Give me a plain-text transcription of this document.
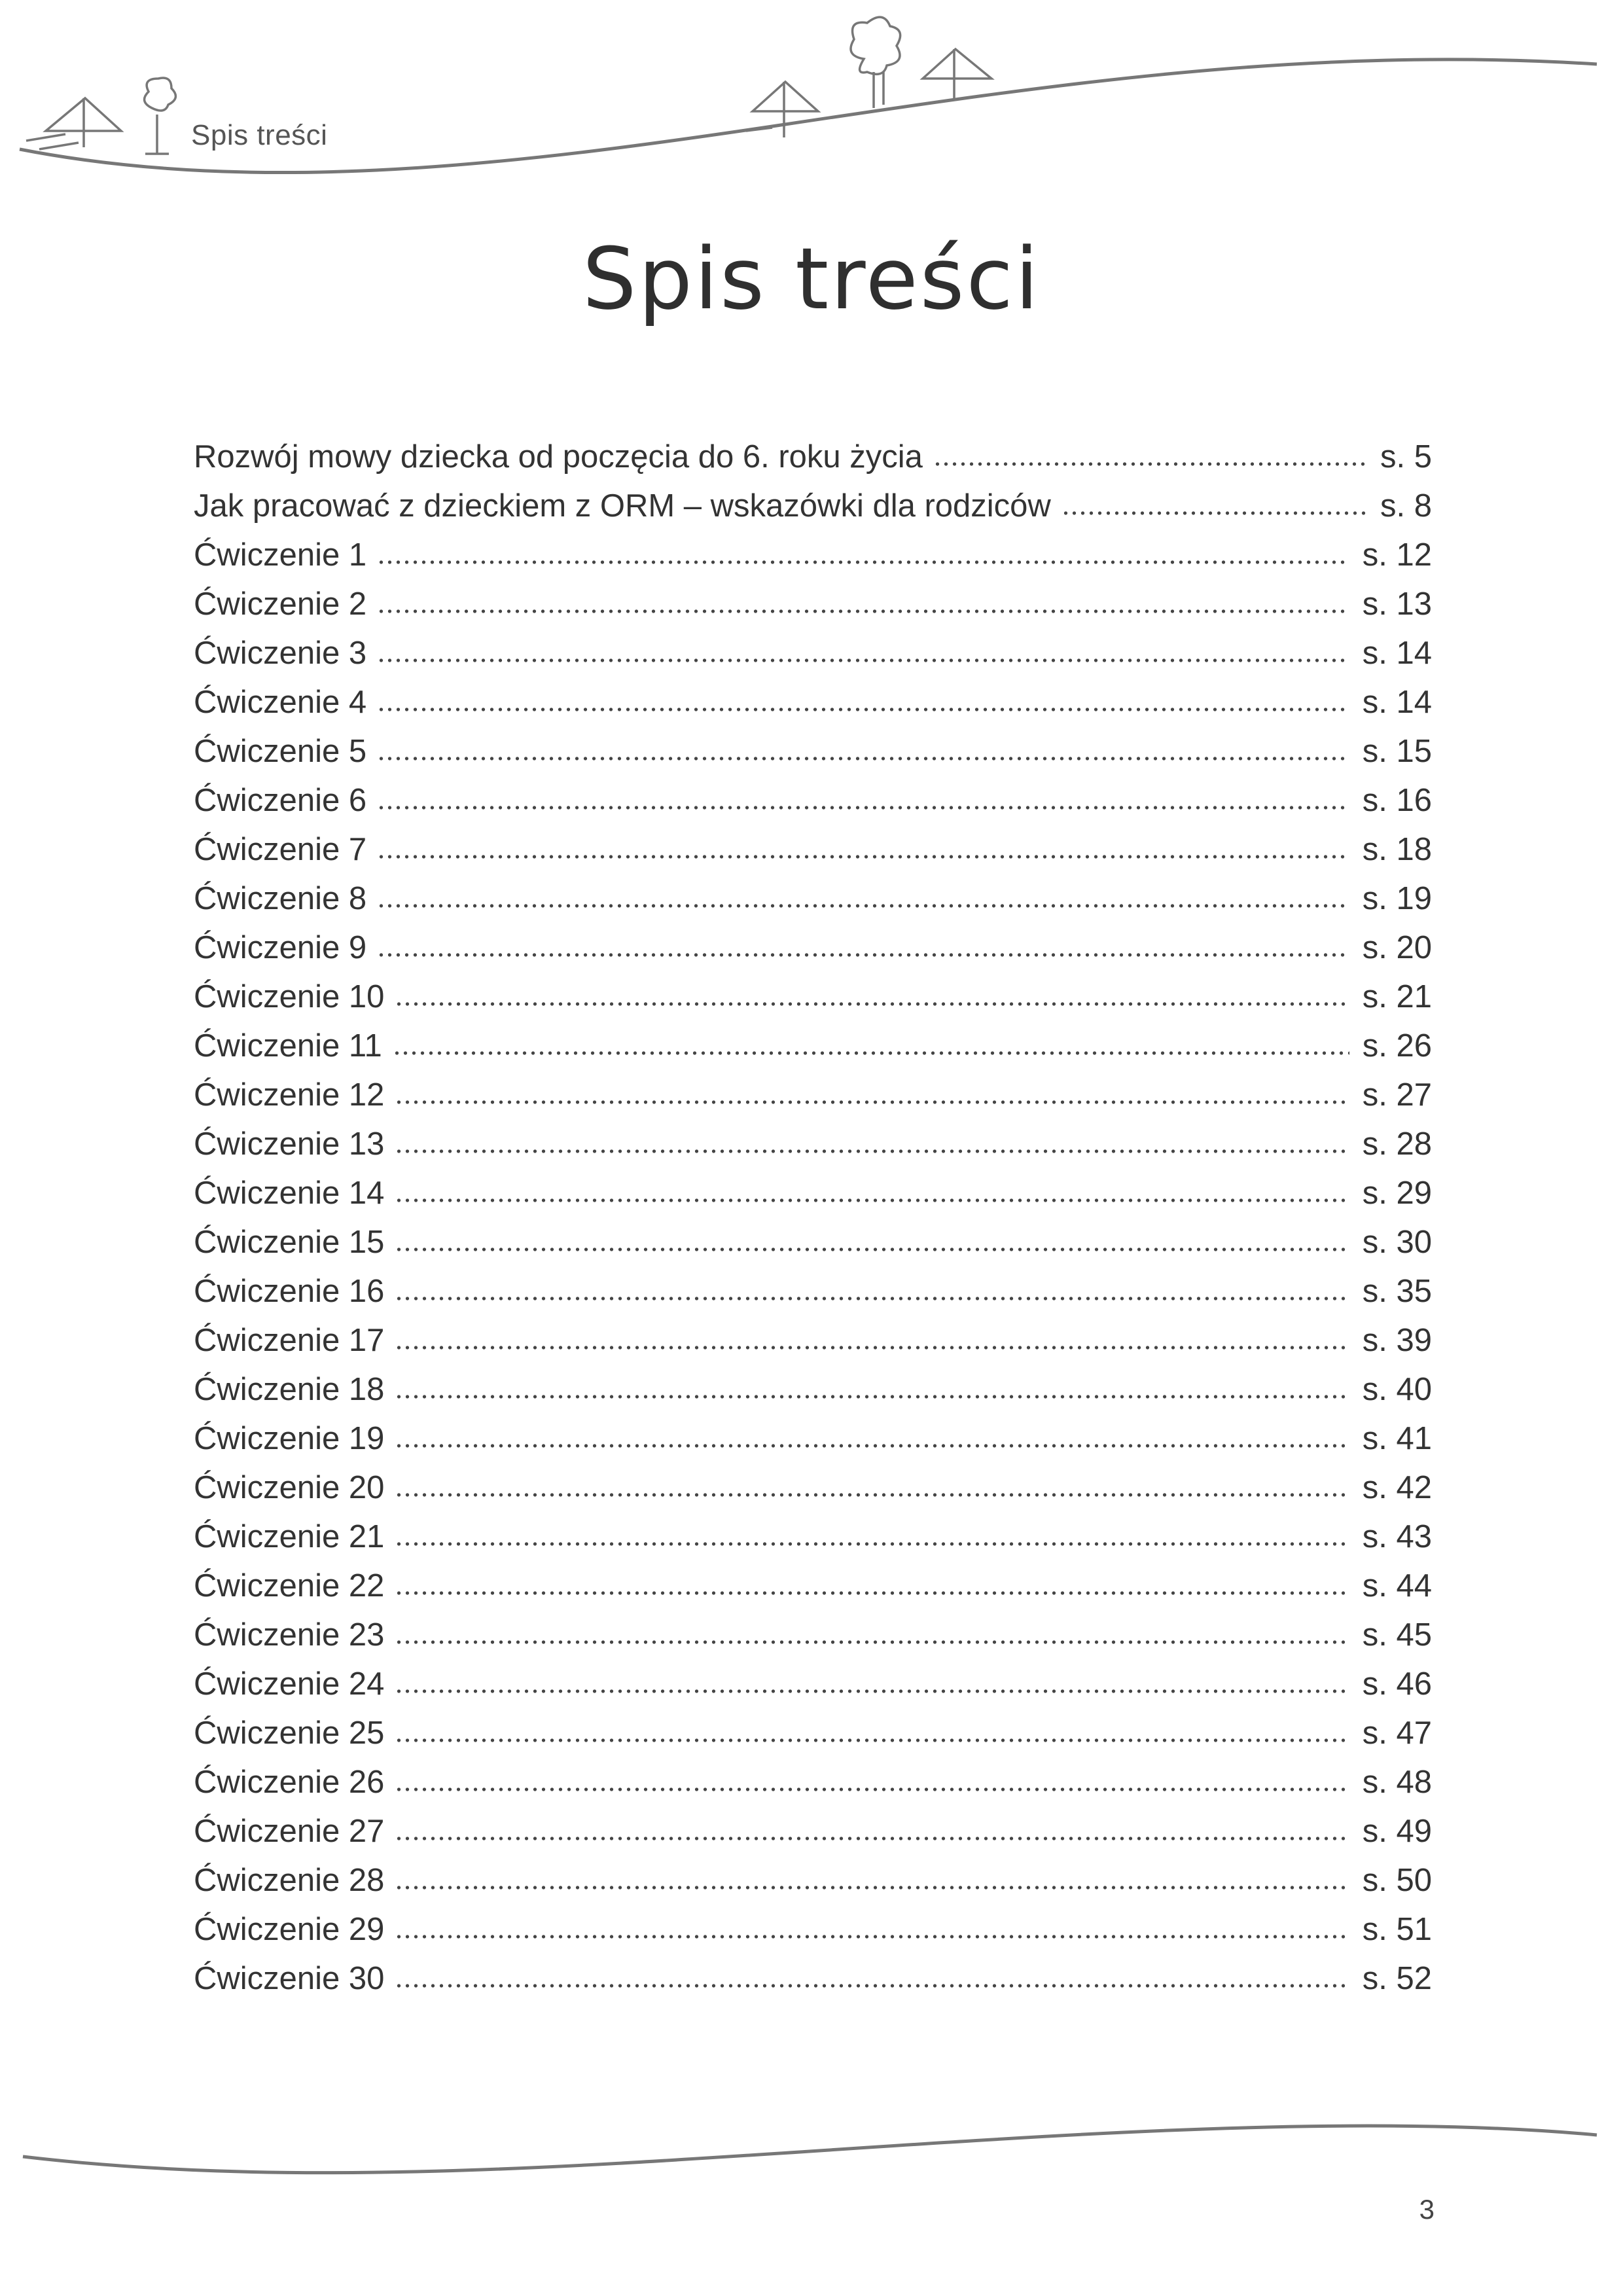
Spis treści
Spis treści
Rozwój mowy dziecka od poczęcia do 6. roku życia	s. 5
Jak pracować z dzieckiem z ORM – wskazówki dla rodziców	s. 8
Ćwiczenie 1	s. 12
Ćwiczenie 2	s. 13
Ćwiczenie 3	s. 14
Ćwiczenie 4	s. 14
Ćwiczenie 5	s. 15
Ćwiczenie 6	s. 16
Ćwiczenie 7	s. 18
Ćwiczenie 8	s. 19
Ćwiczenie 9	s. 20
Ćwiczenie 10	s. 21
Ćwiczenie 11	s. 26
Ćwiczenie 12	s. 27
Ćwiczenie 13	s. 28
Ćwiczenie 14	s. 29
Ćwiczenie 15	s. 30
Ćwiczenie 16	s. 35
Ćwiczenie 17	s. 39
Ćwiczenie 18	s. 40
Ćwiczenie 19	s. 41
Ćwiczenie 20	s. 42
Ćwiczenie 21	s. 43
Ćwiczenie 22	s. 44
Ćwiczenie 23	s. 45
Ćwiczenie 24	s. 46
Ćwiczenie 25	s. 47
Ćwiczenie 26	s. 48
Ćwiczenie 27	s. 49
Ćwiczenie 28	s. 50
Ćwiczenie 29	s. 51
Ćwiczenie 30	s. 52
3
